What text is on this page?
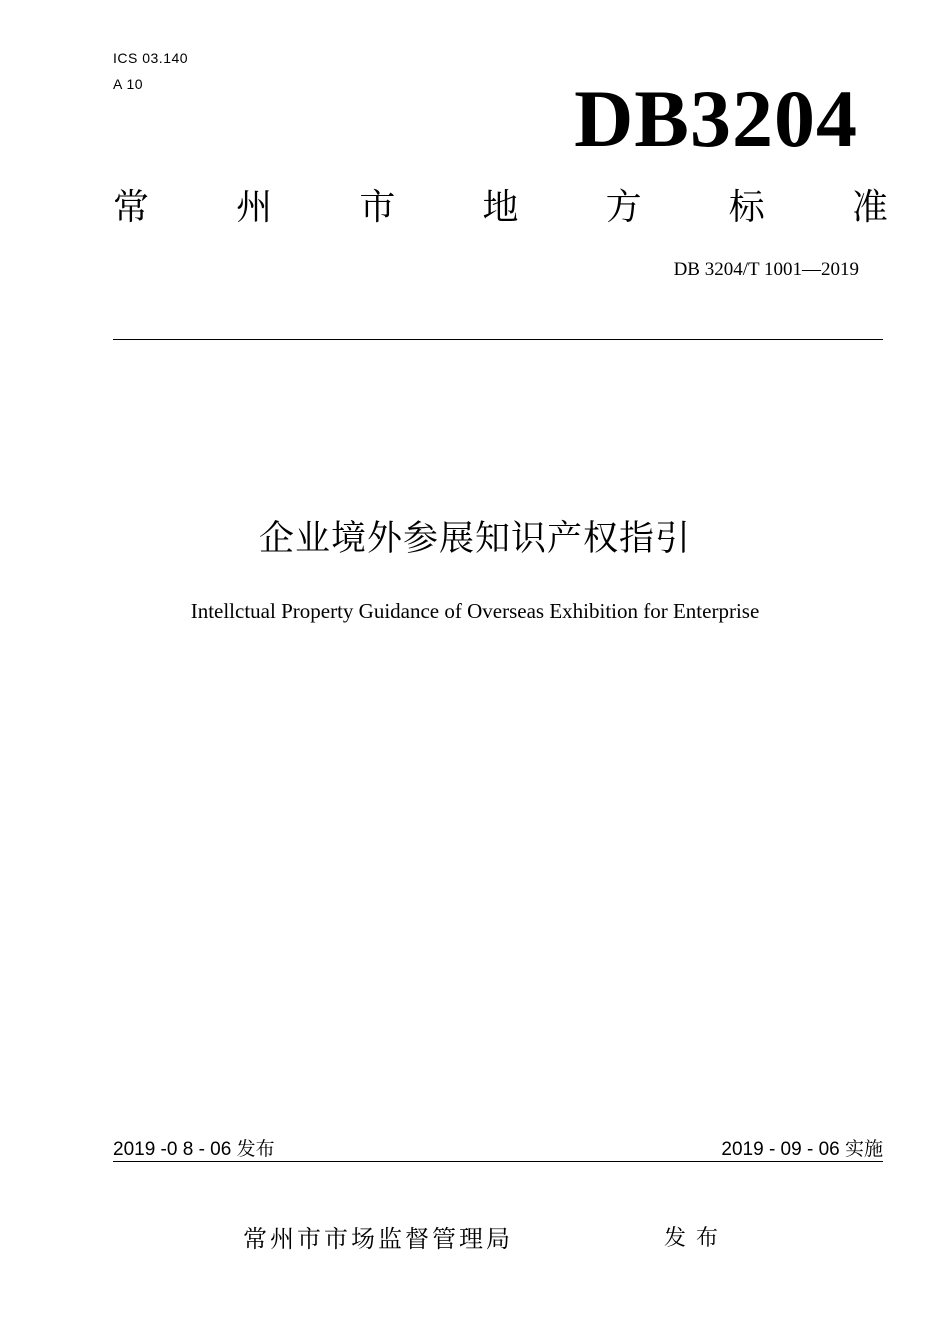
ICS 03.140
A 10	DB3204
常 州 市 地 方 标 准
DB 3204/T 1001—2019
企业境外参展知识产权指引
Intellctual Property Guidance of Overseas Exhibition for Enterprise
2019 -0 8 - 06 发布	2019 - 09 - 06 实施
常州市市场监督管理局	发布
